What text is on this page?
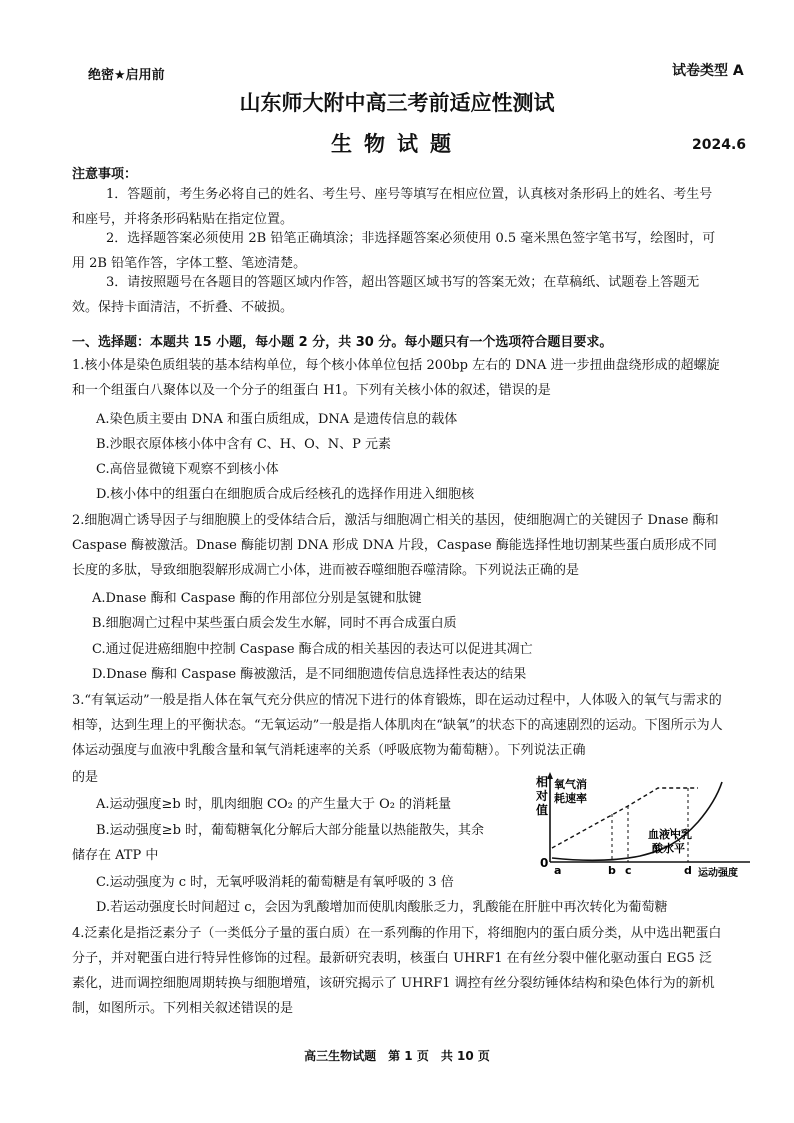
绝密★启用前	试卷类型 A
山东师大附中高三考前适应性测试
生物试题	2024.6
注意事项：
1．答题前，考生务必将自己的姓名、考生号、座号等填写在相应位置，认真核对条形码上的姓名、考生号和座号，并将条形码粘贴在指定位置。
2．选择题答案必须使用 2B 铅笔正确填涂；非选择题答案必须使用 0.5 毫米黑色签字笔书写，绘图时，可用 2B 铅笔作答，字体工整、笔迹清楚。
3．请按照题号在各题目的答题区域内作答，超出答题区域书写的答案无效；在草稿纸、试题卷上答题无效。保持卡面清洁，不折叠、不破损。
一、选择题：本题共 15 小题，每小题 2 分，共 30 分。每小题只有一个选项符合题目要求。
1.核小体是染色质组装的基本结构单位，每个核小体单位包括 200bp 左右的 DNA 进一步扭曲盘绕形成的超螺旋和一个组蛋白八聚体以及一个分子的组蛋白 H1。下列有关核小体的叙述，错误的是
A.染色质主要由 DNA 和蛋白质组成，DNA 是遗传信息的载体
B.沙眼衣原体核小体中含有 C、H、O、N、P 元素
C.高倍显微镜下观察不到核小体
D.核小体中的组蛋白在细胞质合成后经核孔的选择作用进入细胞核
2.细胞凋亡诱导因子与细胞膜上的受体结合后，激活与细胞凋亡相关的基因，使细胞凋亡的关键因子 Dnase 酶和 Caspase 酶被激活。Dnase 酶能切割 DNA 形成 DNA 片段，Caspase 酶能选择性地切割某些蛋白质形成不同长度的多肽，导致细胞裂解形成凋亡小体，进而被吞噬细胞吞噬清除。下列说法正确的是
A.Dnase 酶和 Caspase 酶的作用部位分别是氢键和肽键
B.细胞凋亡过程中某些蛋白质会发生水解，同时不再合成蛋白质
C.通过促进癌细胞中控制 Caspase 酶合成的相关基因的表达可以促进其凋亡
D.Dnase 酶和 Caspase 酶被激活，是不同细胞遗传信息选择性表达的结果
3.“有氧运动”一般是指人体在氧气充分供应的情况下进行的体育锻炼，即在运动过程中，人体吸入的氧气与需求的相等，达到生理上的平衡状态。“无氧运动”一般是指人体肌肉在“缺氧”的状态下的高速剧烈的运动。下图所示为人体运动强度与血液中乳酸含量和氧气消耗速率的关系（呼吸底物为葡萄糖）。下列说法正确
的是
A.运动强度≥b 时，肌肉细胞 CO₂ 的产生量大于 O₂ 的消耗量
B.运动强度≥b 时，葡萄糖氧化分解后大部分能量以热能散失，其余
储存在 ATP 中
C.运动强度为 c 时，无氧呼吸消耗的葡萄糖是有氧呼吸的 3 倍
D.若运动强度长时间超过 c，会因为乳酸增加而使肌肉酸胀乏力，乳酸能在肝脏中再次转化为葡萄糖
相
对
值
氧气消
耗速率
血液中乳
酸水平
0
a	b c	d 运动强度
4.泛素化是指泛素分子（一类低分子量的蛋白质）在一系列酶的作用下，将细胞内的蛋白质分类，从中选出靶蛋白分子，并对靶蛋白进行特异性修饰的过程。最新研究表明，核蛋白 UHRF1 在有丝分裂中催化驱动蛋白 EG5 泛素化，进而调控细胞周期转换与细胞增殖，该研究揭示了 UHRF1 调控有丝分裂纺锤体结构和染色体行为的新机制，如图所示。下列相关叙述错误的是
高三生物试题　第 1 页　共 10 页
